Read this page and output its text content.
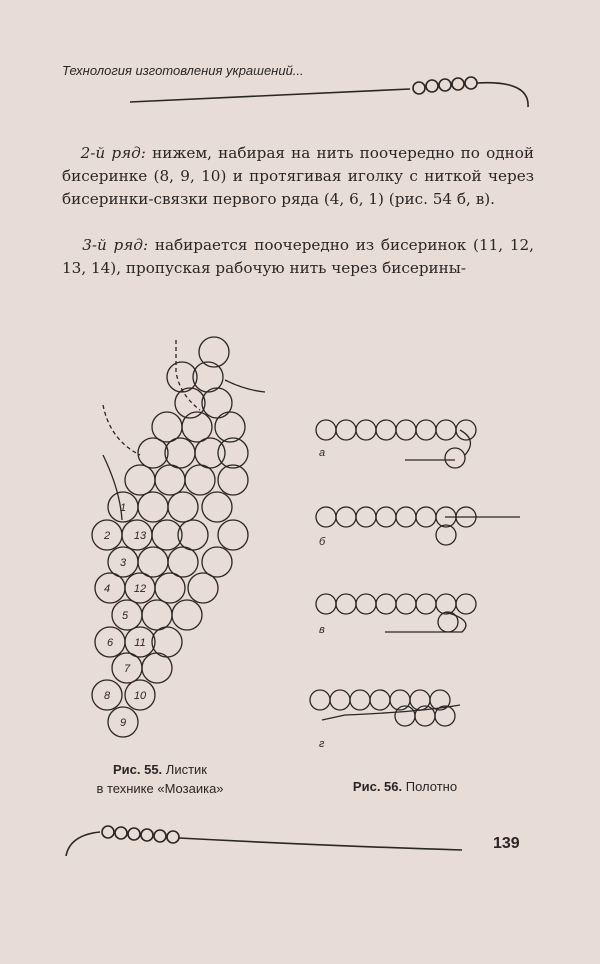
Технология изготовления украшений...
1
2 13
3
4 12
5
6 11
7
8 10
9
а
б
в
г
2-й ряд: нижем, набирая на нить поочередно по одной бисеринке (8, 9, 10) и протягивая иголку с ниткой через бисеринки-связки первого ряда (4, 6, 1) (рис. 54 б, в).
3-й ряд: набирается поочередно из бисеринок (11, 12, 13, 14), пропуская рабочую нить через бисерины-
Рис. 55. Листик
в технике «Мозаика»	Рис. 56. Полотно
139
